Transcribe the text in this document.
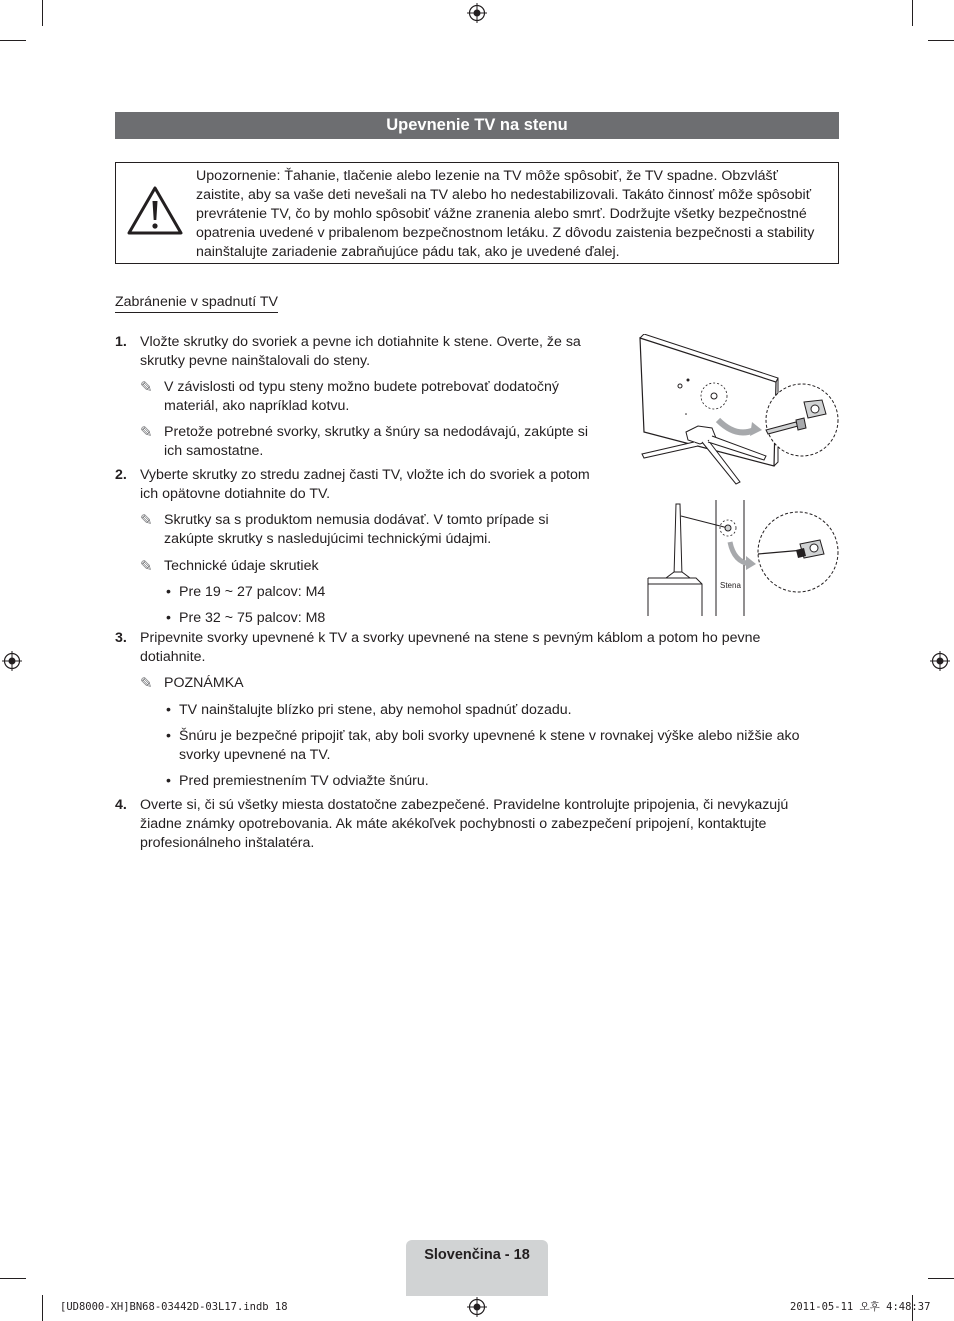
Upevnenie TV na stenu
Upozornenie: Ťahanie, tlačenie alebo lezenie na TV môže spôsobiť, že TV spadne. Obzvlášť
zaistite, aby sa vaše deti nevešali na TV alebo ho nedestabilizovali. Takáto činnosť môže spôsobiť
prevrátenie TV, čo by mohlo spôsobiť vážne zranenia alebo smrť. Dodržujte všetky bezpečnostné
opatrenia uvedené v pribalenom bezpečnostnom letáku. Z dôvodu zaistenia bezpečnosti a stability
nainštalujte zariadenie zabraňujúce pádu tak, ako je uvedené ďalej.
Zabránenie v spadnutí TV
1. Vložte skrutky do svoriek a pevne ich dotiahnite k stene. Overte, že sa
skrutky pevne nainštalovali do steny.
✎ V závislosti od typu steny možno budete potrebovať dodatočný
materiál, ako napríklad kotvu.
✎ Pretože potrebné svorky, skrutky a šnúry sa nedodávajú, zakúpte si
ich samostatne.
2. Vyberte skrutky zo stredu zadnej časti TV, vložte ich do svoriek a potom
ich opätovne dotiahnite do TV.
✎ Skrutky sa s produktom nemusia dodávať. V tomto prípade si
zakúpte skrutky s nasledujúcimi technickými údajmi.
✎ Technické údaje skrutiek
• Pre 19 ~ 27 palcov: M4
• Pre 32 ~ 75 palcov: M8
3. Pripevnite svorky upevnené k TV a svorky upevnené na stene s pevným káblom a potom ho pevne
dotiahnite.
✎ POZNÁMKA
• TV nainštalujte blízko pri stene, aby nemohol spadnúť dozadu.
• Šnúru je bezpečné pripojiť tak, aby boli svorky upevnené k stene v rovnakej výške alebo nižšie ako
svorky upevnené na TV.
• Pred premiestnením TV odviažte šnúru.
4. Overte si, či sú všetky miesta dostatočne zabezpečené. Pravidelne kontrolujte pripojenia, či nevykazujú
žiadne známky opotrebovania. Ak máte akékoľvek pochybnosti o zabezpečení pripojení, kontaktujte
profesionálneho inštalatéra.
Stena
Slovenčina - 18
[UD8000-XH]BN68-03442D-03L17.indb 18	2011-05-11 오후 4:48:37
